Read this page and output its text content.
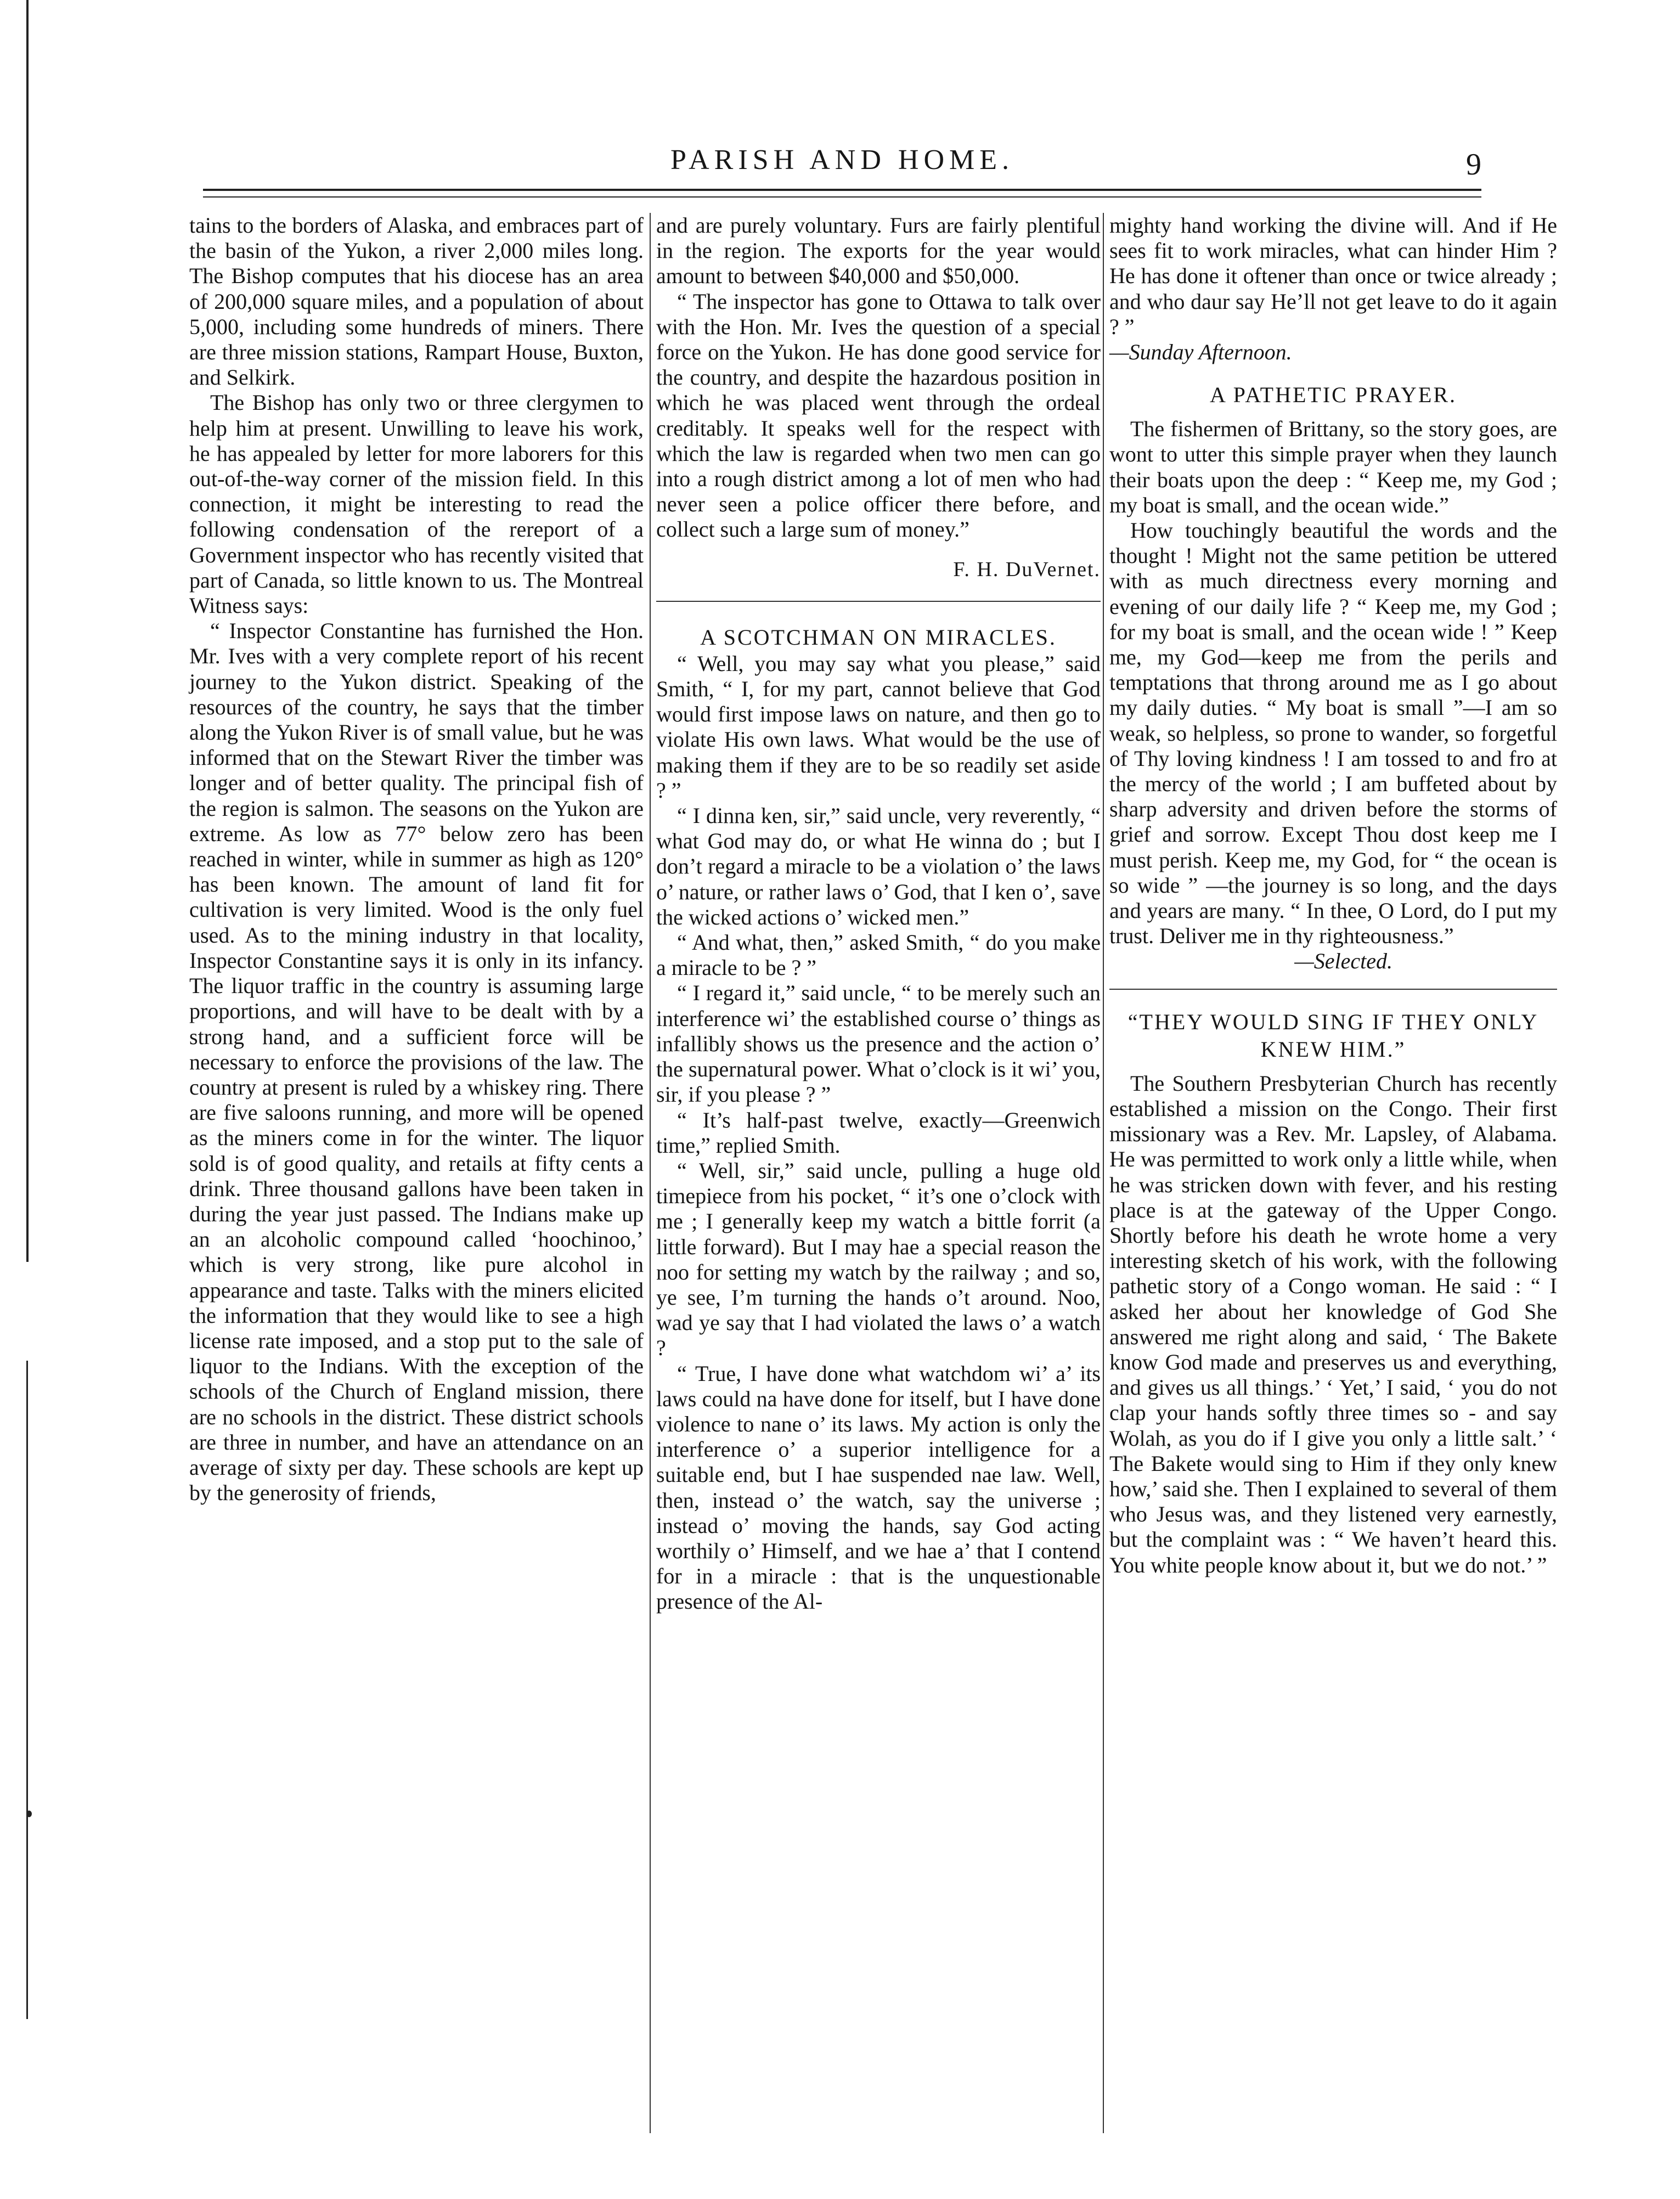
PARISH AND HOME.	9

tains to the borders of Alaska, and embraces part of the basin of the Yukon, a river 2,000 miles long. The Bishop computes that his diocese has an area of 200,000 square miles, and a population of about 5,000, including some hundreds of miners. There are three mission stations, Rampart House, Buxton, and Selkirk.

The Bishop has only two or three clergymen to help him at present. Unwilling to leave his work, he has appealed by letter for more laborers for this out-of-the-way corner of the mission field. In this connection, it might be interesting to read the following condensation of the rereport of a Government inspector who has recently visited that part of Canada, so little known to us. The Montreal Witness says:

“ Inspector Constantine has furnished the Hon. Mr. Ives with a very complete report of his recent journey to the Yukon district. Speaking of the resources of the country, he says that the timber along the Yukon River is of small value, but he was informed that on the Stewart River the timber was longer and of better quality. The principal fish of the region is salmon. The seasons on the Yukon are extreme. As low as 77° below zero has been reached in winter, while in summer as high as 120° has been known. The amount of land fit for cultivation is very limited. Wood is the only fuel used. As to the mining industry in that locality, Inspector Constantine says it is only in its infancy. The liquor traffic in the country is assuming large proportions, and will have to be dealt with by a strong hand, and a sufficient force will be necessary to enforce the provisions of the law. The country at present is ruled by a whiskey ring. There are five saloons running, and more will be opened as the miners come in for the winter. The liquor sold is of good quality, and retails at fifty cents a drink. Three thousand gallons have been taken in during the year just passed. The Indians make up an an alcoholic compound called ‘hoochinoo,’ which is very strong, like pure alcohol in appearance and taste. Talks with the miners elicited the information that they would like to see a high license rate imposed, and a stop put to the sale of liquor to the Indians. With the exception of the schools of the Church of England mission, there are no schools in the district. These district schools are three in number, and have an attendance on an average of sixty per day. These schools are kept up by the generosity of friends,

and are purely voluntary. Furs are fairly plentiful in the region. The exports for the year would amount to between $40,000 and $50,000.

“ The inspector has gone to Ottawa to talk over with the Hon. Mr. Ives the question of a special force on the Yukon. He has done good service for the country, and despite the hazardous position in which he was placed went through the ordeal creditably. It speaks well for the respect with which the law is regarded when two men can go into a rough district among a lot of men who had never seen a police officer there before, and collect such a large sum of money.”

F. H. DuVernet.

A SCOTCHMAN ON MIRACLES.

“ Well, you may say what you please,” said Smith, “ I, for my part, cannot believe that God would first impose laws on nature, and then go to violate His own laws. What would be the use of making them if they are to be so readily set aside ? ”

“ I dinna ken, sir,” said uncle, very reverently, “ what God may do, or what He winna do ; but I don’t regard a miracle to be a violation o’ the laws o’ nature, or rather laws o’ God, that I ken o’, save the wicked actions o’ wicked men.”

“ And what, then,” asked Smith, “ do you make a miracle to be ? ”

“ I regard it,” said uncle, “ to be merely such an interference wi’ the established course o’ things as infallibly shows us the presence and the action o’ the supernatural power. What o’clock is it wi’ you, sir, if you please ? ”

“ It’s half-past twelve, exactly—Greenwich time,” replied Smith.

“ Well, sir,” said uncle, pulling a huge old timepiece from his pocket, “ it’s one o’clock with me ; I generally keep my watch a bittle forrit (a little forward). But I may hae a special reason the noo for setting my watch by the railway ; and so, ye see, I’m turning the hands o’t around. Noo, wad ye say that I had violated the laws o’ a watch ?

“ True, I have done what watchdom wi’ a’ its laws could na have done for itself, but I have done violence to nane o’ its laws. My action is only the interference o’ a superior intelligence for a suitable end, but I hae suspended nae law. Well, then, instead o’ the watch, say the universe ; instead o’ moving the hands, say God acting worthily o’ Himself, and we hae a’ that I contend for in a miracle : that is the unquestionable presence of the Al-

mighty hand working the divine will. And if He sees fit to work miracles, what can hinder Him ? He has done it oftener than once or twice already ; and who daur say He’ll not get leave to do it again ? ”

—Sunday Afternoon.

A PATHETIC PRAYER.

The fishermen of Brittany, so the story goes, are wont to utter this simple prayer when they launch their boats upon the deep : “ Keep me, my God ; my boat is small, and the ocean wide.”

How touchingly beautiful the words and the thought ! Might not the same petition be uttered with as much directness every morning and evening of our daily life ? “ Keep me, my God ; for my boat is small, and the ocean wide ! ” Keep me, my God—keep me from the perils and temptations that throng around me as I go about my daily duties. “ My boat is small ”—I am so weak, so helpless, so prone to wander, so forgetful of Thy loving kindness ! I am tossed to and fro at the mercy of the world ; I am buffeted about by sharp adversity and driven before the storms of grief and sorrow. Except Thou dost keep me I must perish. Keep me, my God, for “ the ocean is so wide ” —the journey is so long, and the days and years are many. “ In thee, O Lord, do I put my trust. Deliver me in thy righteousness.”

—Selected.

“THEY WOULD SING IF THEY ONLY KNEW HIM.”

The Southern Presbyterian Church has recently established a mission on the Congo. Their first missionary was a Rev. Mr. Lapsley, of Alabama. He was permitted to work only a little while, when he was stricken down with fever, and his resting place is at the gateway of the Upper Congo. Shortly before his death he wrote home a very interesting sketch of his work, with the following pathetic story of a Congo woman. He said : “ I asked her about her knowledge of God She answered me right along and said, ‘ The Bakete know God made and preserves us and everything, and gives us all things.’ ‘ Yet,’ I said, ‘ you do not clap your hands softly three times so - and say Wolah, as you do if I give you only a little salt.’ ‘ The Bakete would sing to Him if they only knew how,’ said she. Then I explained to several of them who Jesus was, and they listened very earnestly, but the complaint was : “ We haven’t heard this. You white people know about it, but we do not.’ ”
